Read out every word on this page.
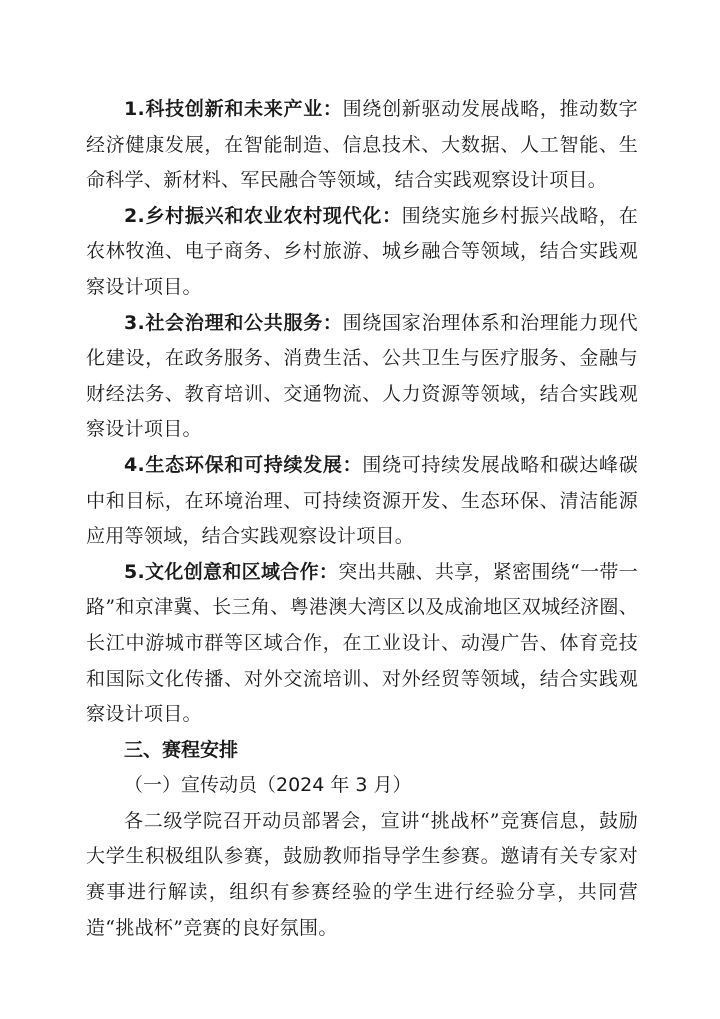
1.科技创新和未来产业：围绕创新驱动发展战略，推动数字经济健康发展，在智能制造、信息技术、大数据、人工智能、生命科学、新材料、军民融合等领域，结合实践观察设计项目。

2.乡村振兴和农业农村现代化：围绕实施乡村振兴战略，在农林牧渔、电子商务、乡村旅游、城乡融合等领域，结合实践观察设计项目。

3.社会治理和公共服务：围绕国家治理体系和治理能力现代化建设，在政务服务、消费生活、公共卫生与医疗服务、金融与财经法务、教育培训、交通物流、人力资源等领域，结合实践观察设计项目。

4.生态环保和可持续发展：围绕可持续发展战略和碳达峰碳中和目标，在环境治理、可持续资源开发、生态环保、清洁能源应用等领域，结合实践观察设计项目。

5.文化创意和区域合作：突出共融、共享，紧密围绕“一带一路”和京津冀、长三角、粤港澳大湾区以及成渝地区双城经济圈、长江中游城市群等区域合作，在工业设计、动漫广告、体育竞技和国际文化传播、对外交流培训、对外经贸等领域，结合实践观察设计项目。

三、赛程安排

（一）宣传动员（2024 年 3 月）

各二级学院召开动员部署会，宣讲“挑战杯”竞赛信息，鼓励大学生积极组队参赛，鼓励教师指导学生参赛。邀请有关专家对赛事进行解读，组织有参赛经验的学生进行经验分享，共同营造“挑战杯”竞赛的良好氛围。
